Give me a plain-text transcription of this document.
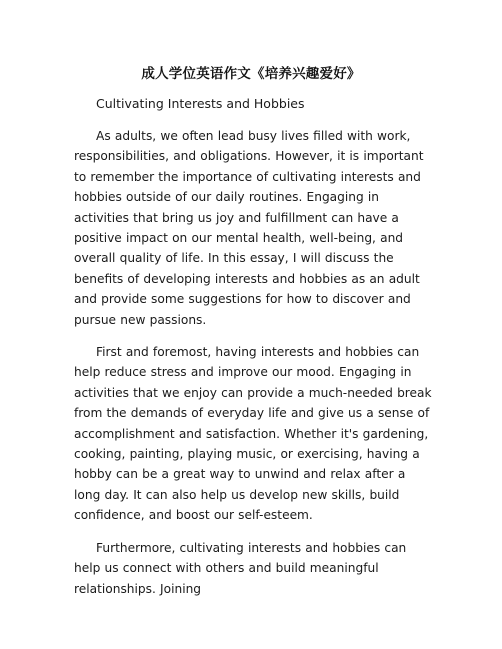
成人学位英语作文《培养兴趣爱好》
Cultivating Interests and Hobbies

As adults, we often lead busy lives filled with work, responsibilities, and obligations. However, it is important to remember the importance of cultivating interests and hobbies outside of our daily routines. Engaging in activities that bring us joy and fulfillment can have a positive impact on our mental health, well-being, and overall quality of life. In this essay, I will discuss the benefits of developing interests and hobbies as an adult and provide some suggestions for how to discover and pursue new passions.

First and foremost, having interests and hobbies can help reduce stress and improve our mood. Engaging in activities that we enjoy can provide a much-needed break from the demands of everyday life and give us a sense of accomplishment and satisfaction. Whether it's gardening, cooking, painting, playing music, or exercising, having a hobby can be a great way to unwind and relax after a long day. It can also help us develop new skills, build confidence, and boost our self-esteem.

Furthermore, cultivating interests and hobbies can help us connect with others and build meaningful relationships. Joining
